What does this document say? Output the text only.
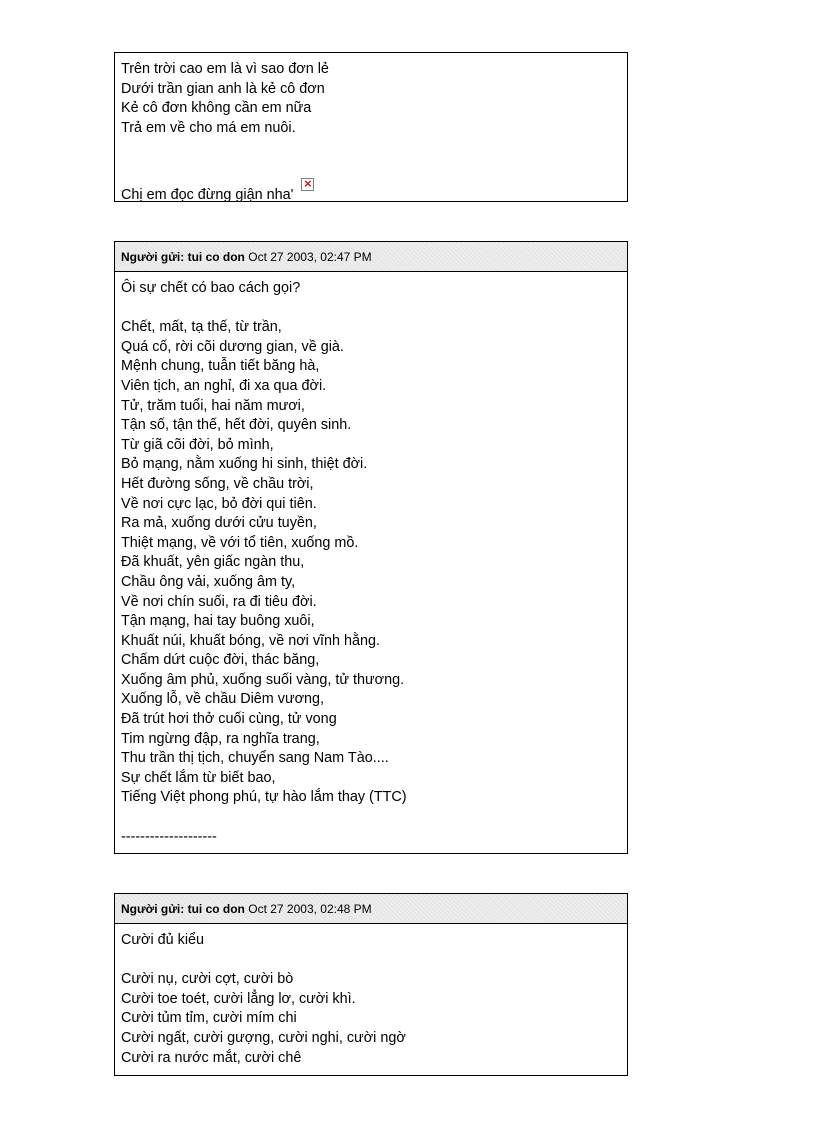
Trên trời cao em là vì sao đơn lẻ
Dưới trần gian anh là kẻ cô đơn
Kẻ cô đơn không cần em nữa
Trả em về cho má em nuôi.
Chị em đọc đừng giận nha'×
Người gửi: tui co don Oct 27 2003, 02:47 PM
Ôi sự chết có bao cách gọi?
Chết, mất, tạ thế, từ trần,
Quá cố, rời cõi dương gian, về già.
Mệnh chung, tuẫn tiết băng hà,
Viên tịch, an nghỉ, đi xa qua đời.
Tử, trăm tuổi, hai năm mươi,
Tận số, tận thế, hết đời, quyên sinh.
Từ giã cõi đời, bỏ mình,
Bỏ mạng, nằm xuống hi sinh, thiệt đời.
Hết đường sống, về chầu trời,
Về nơi cực lạc, bỏ đời qui tiên.
Ra mả, xuống dưới cửu tuyền,
Thiệt mạng, về với tổ tiên, xuống mồ.
Đã khuất, yên giấc ngàn thu,
Chầu ông vải, xuống âm ty,
Về nơi chín suối, ra đi tiêu đời.
Tận mạng, hai tay buông xuôi,
Khuất núi, khuất bóng, về nơi vĩnh hằng.
Chấm dứt cuộc đời, thác băng,
Xuống âm phủ, xuống suối vàng, tử thương.
Xuống lỗ, về chầu Diêm vương,
Đã trút hơi thở cuối cùng, tử vong
Tim ngừng đập, ra nghĩa trang,
Thu trần thị tịch, chuyển sang Nam Tào....
Sự chết lắm từ biết bao,
Tiếng Việt phong phú, tự hào lắm thay (TTC)
--------------------
Người gửi: tui co don Oct 27 2003, 02:48 PM
Cười đủ kiểu
Cười nụ, cười cợt, cười bò
Cười toe toét, cười lẳng lơ, cười khì.
Cười tủm tỉm, cười mím chi
Cười ngất, cười gượng, cười nghi, cười ngờ
Cười ra nước mắt, cười chê
